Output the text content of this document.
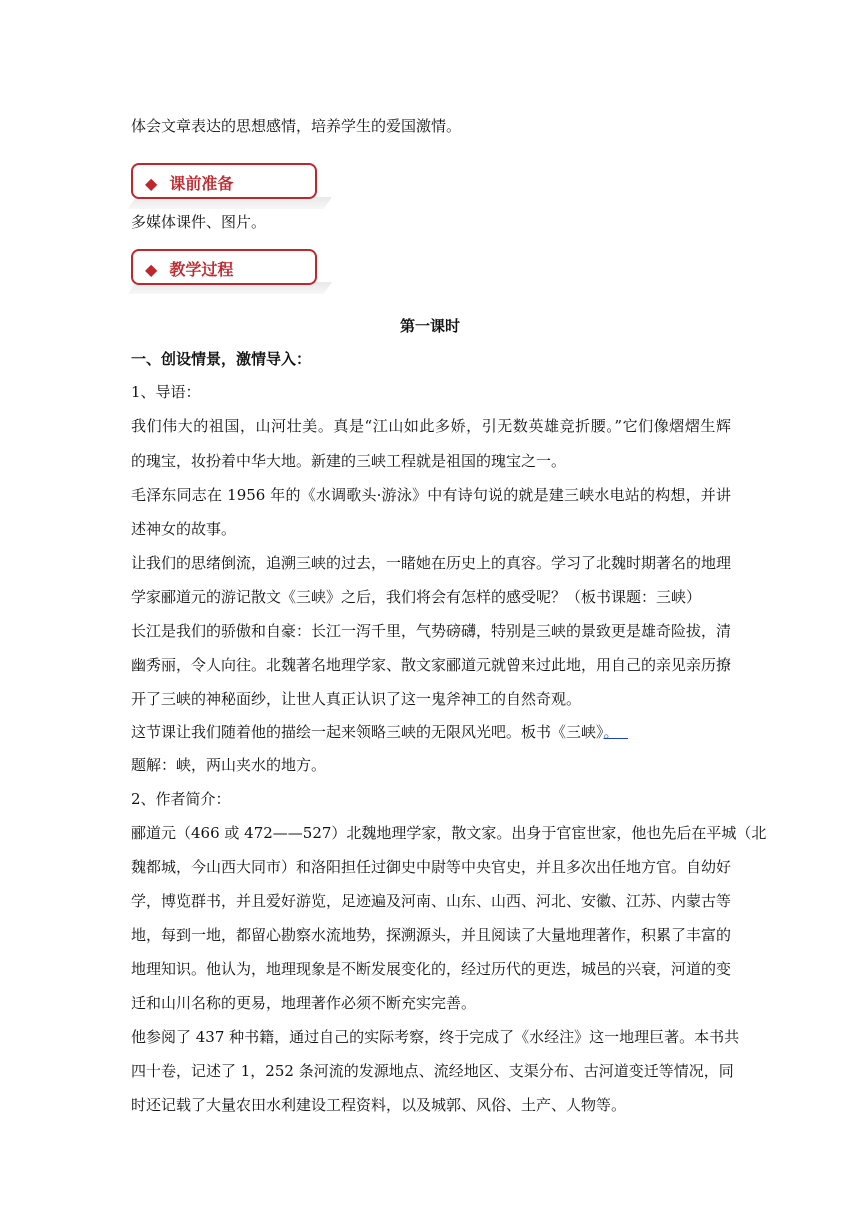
体会文章表达的思想感情，培养学生的爱国激情。
◆ 课前准备
多媒体课件、图片。
◆ 教学过程
第一课时
一、创设情景，激情导入：
1、导语：
我们伟大的祖国，山河壮美。真是“江山如此多娇，引无数英雄竞折腰。”它们像熠熠生辉
的瑰宝，妆扮着中华大地。新建的三峡工程就是祖国的瑰宝之一。
毛泽东同志在 1956 年的《水调歌头·游泳》中有诗句说的就是建三峡水电站的构想，并讲
述神女的故事。
让我们的思绪倒流，追溯三峡的过去，一睹她在历史上的真容。学习了北魏时期著名的地理
学家郦道元的游记散文《三峡》之后，我们将会有怎样的感受呢？（板书课题：三峡）
长江是我们的骄傲和自豪：长江一泻千里，气势磅礴，特别是三峡的景致更是雄奇险拔，清
幽秀丽，令人向往。北魏著名地理学家、散文家郦道元就曾来过此地，用自己的亲见亲历撩
开了三峡的神秘面纱，让世人真正认识了这一鬼斧神工的自然奇观。
这节课让我们随着他的描绘一起来领略三峡的无限风光吧。板书《三峡》。
题解：峡，两山夹水的地方。
2、作者简介：
郦道元（466 或 472——527）北魏地理学家，散文家。出身于官宦世家，他也先后在平城（北
魏都城，今山西大同市）和洛阳担任过御史中尉等中央官史，并且多次出任地方官。自幼好
学，博览群书，并且爱好游览，足迹遍及河南、山东、山西、河北、安徽、江苏、内蒙古等
地，每到一地，都留心勘察水流地势，探溯源头，并且阅读了大量地理著作，积累了丰富的
地理知识。他认为，地理现象是不断发展变化的，经过历代的更迭，城邑的兴衰，河道的变
迁和山川名称的更易，地理著作必须不断充实完善。
他参阅了 437 种书籍，通过自己的实际考察，终于完成了《水经注》这一地理巨著。本书共
四十卷，记述了 1，252 条河流的发源地点、流经地区、支渠分布、古河道变迁等情况，同
时还记载了大量农田水利建设工程资料，以及城郭、风俗、土产、人物等。
